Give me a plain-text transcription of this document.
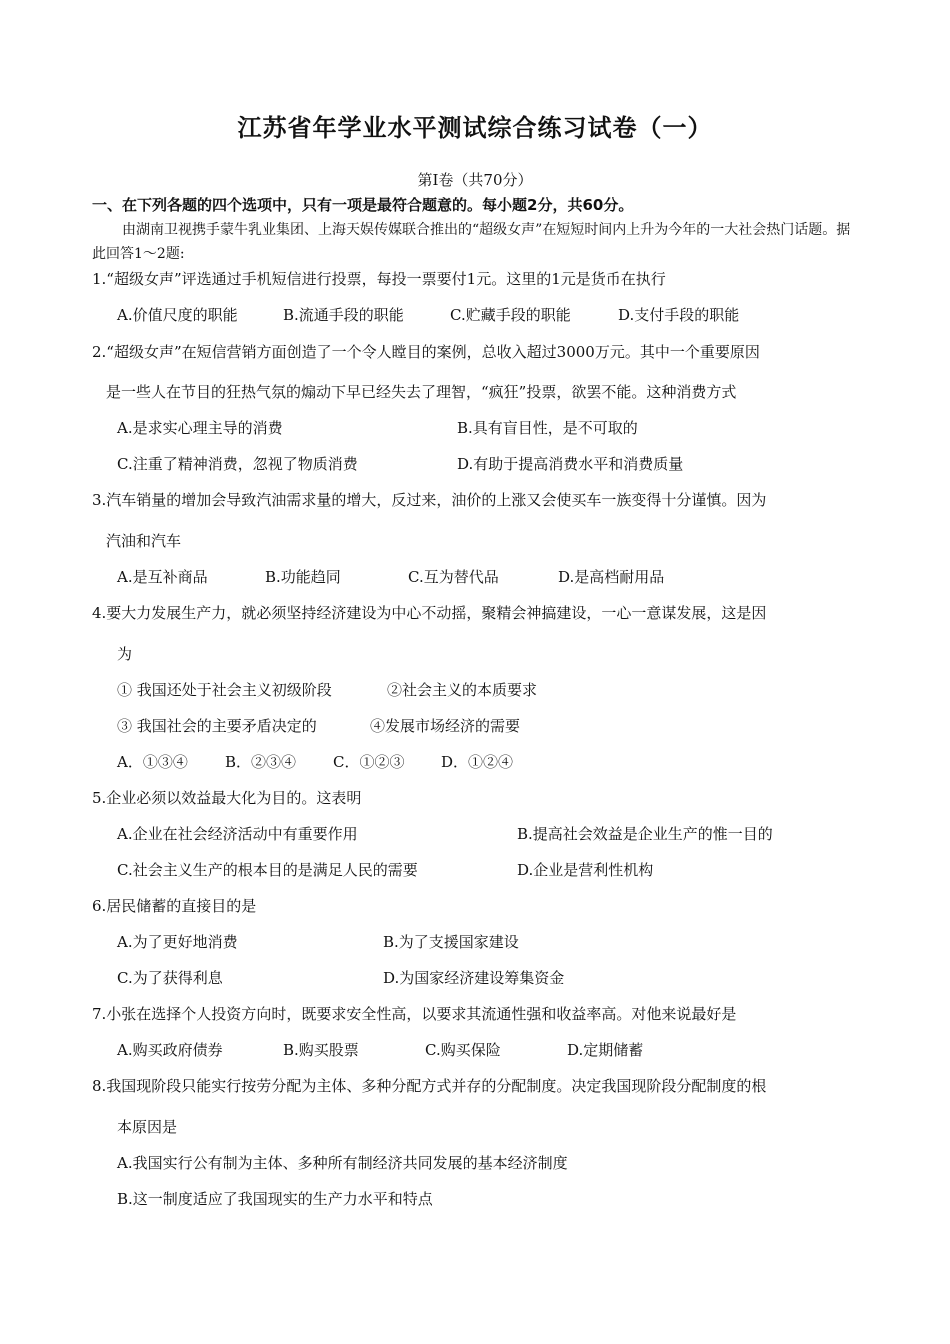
江苏省年学业水平测试综合练习试卷（一）
第Ⅰ卷（共70分）
一、在下列各题的四个选项中，只有一项是最符合题意的。每小题2分，共60分。
由湖南卫视携手蒙牛乳业集团、上海天娱传媒联合推出的“超级女声”在短短时间内上升为今年的一大社会热门话题。据此回答1～2题:
1.“超级女声”评选通过手机短信进行投票，每投一票要付1元。这里的1元是货币在执行
A.价值尺度的职能	B.流通手段的职能	C.贮藏手段的职能	D.支付手段的职能
2.“超级女声”在短信营销方面创造了一个令人瞠目的案例，总收入超过3000万元。其中一个重要原因
是一些人在节目的狂热气氛的煽动下早已经失去了理智，“疯狂”投票，欲罢不能。这种消费方式
A.是求实心理主导的消费	B.具有盲目性，是不可取的
C.注重了精神消费，忽视了物质消费	D.有助于提高消费水平和消费质量
3.汽车销量的增加会导致汽油需求量的增大，反过来，油价的上涨又会使买车一族变得十分谨慎。因为
汽油和汽车
A.是互补商品	B.功能趋同	C.互为替代品	D.是高档耐用品
4.要大力发展生产力，就必须坚持经济建设为中心不动摇，聚精会神搞建设，一心一意谋发展，这是因
为
① 我国还处于社会主义初级阶段	②社会主义的本质要求
③ 我国社会的主要矛盾决定的	④发展市场经济的需要
A．①③④ B．②③④ C．①②③ D．①②④
5.企业必须以效益最大化为目的。这表明
A.企业在社会经济活动中有重要作用	B.提高社会效益是企业生产的惟一目的
C.社会主义生产的根本目的是满足人民的需要	D.企业是营利性机构
6.居民储蓄的直接目的是
A.为了更好地消费	B.为了支援国家建设
C.为了获得利息	D.为国家经济建设筹集资金
7.小张在选择个人投资方向时，既要求安全性高，以要求其流通性强和收益率高。对他来说最好是
A.购买政府债券	B.购买股票	C.购买保险	D.定期储蓄
8.我国现阶段只能实行按劳分配为主体、多种分配方式并存的分配制度。决定我国现阶段分配制度的根
本原因是
A.我国实行公有制为主体、多种所有制经济共同发展的基本经济制度
B.这一制度适应了我国现实的生产力水平和特点
